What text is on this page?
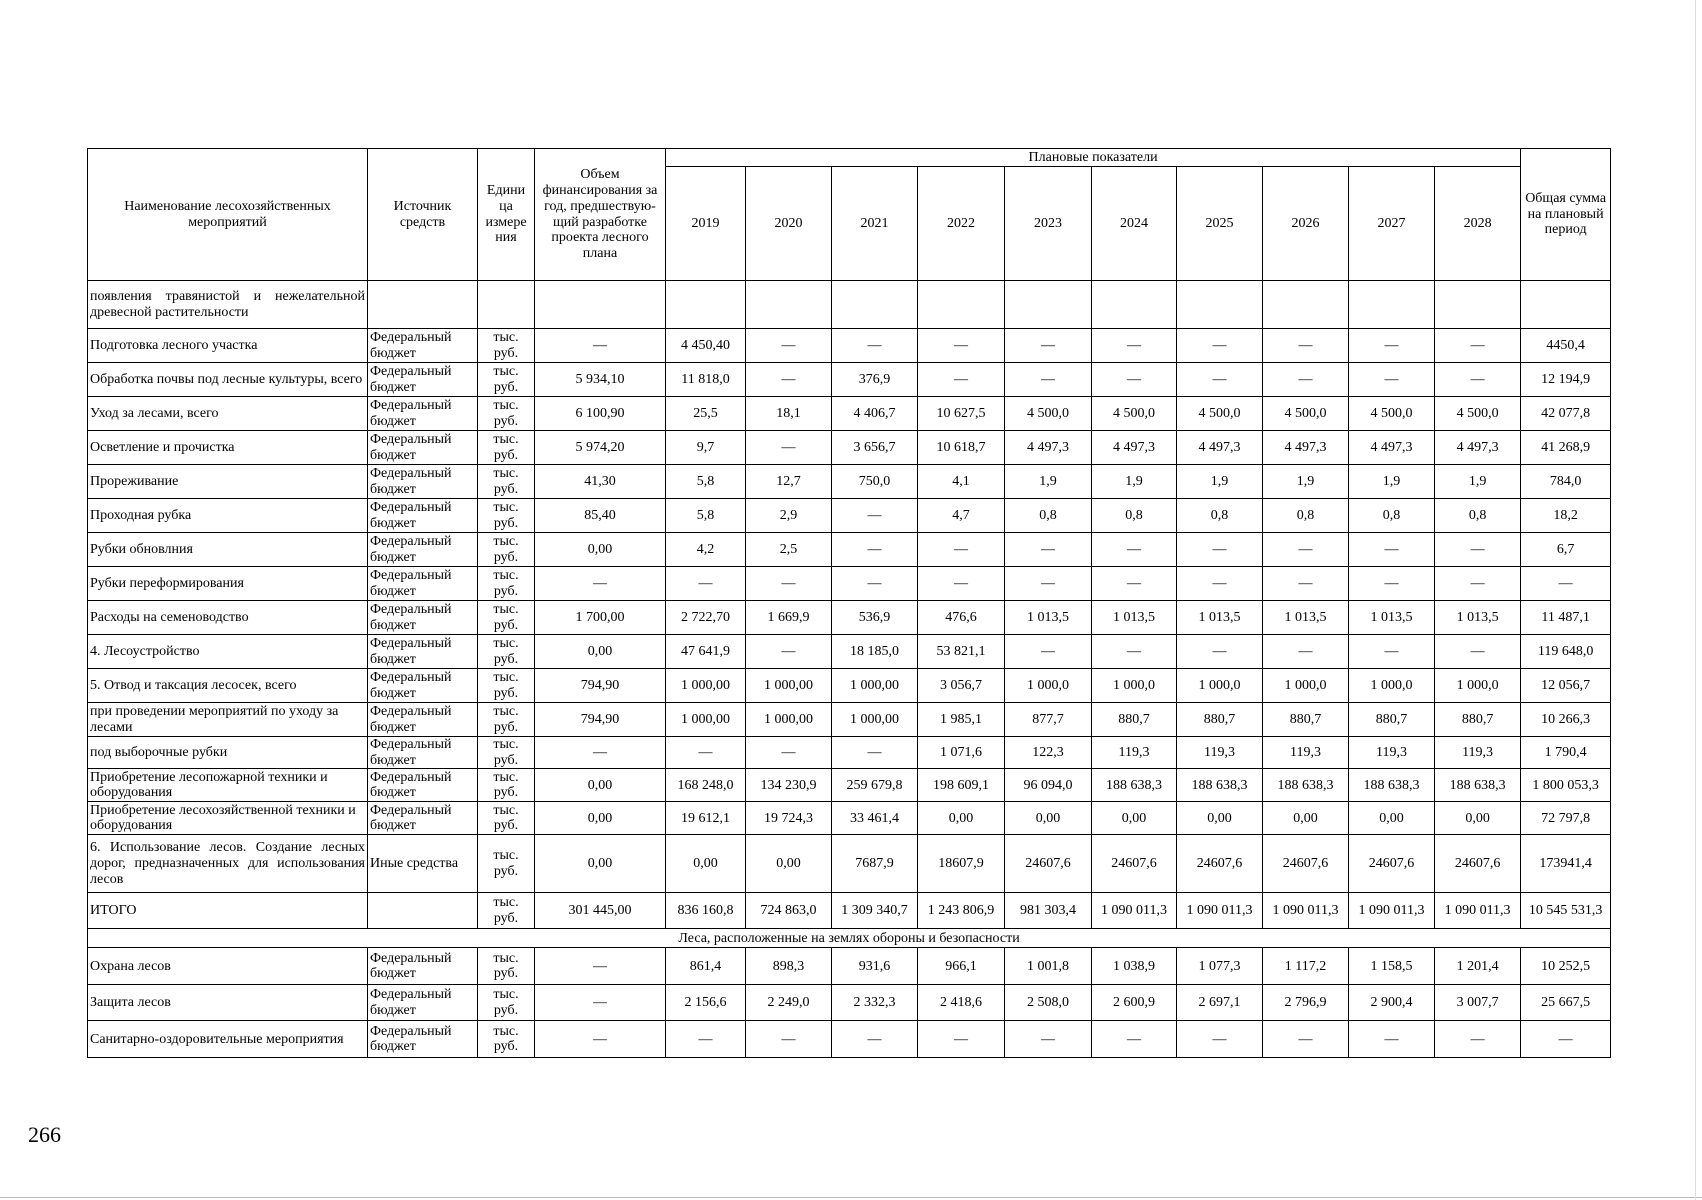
Наименование лесохозяйственных мероприятий	Источник средств	Едини ца измере ния	Объем финансирования за год, предшествую- щий разработке проекта лесного плана	Плановые показатели										Общая сумма на плановый период
				2019	2020	2021	2022	2023	2024	2025	2026	2027	2028	
появления травянистой и нежелательной древесной растительности														
Подготовка лесного участка	Федеральный бюджет	тыс. руб.	—	4 450,40	—	—	—	—	—	—	—	—	—	4450,4
Обработка почвы под лесные культуры, всего	Федеральный бюджет	тыс. руб.	5 934,10	11 818,0	—	376,9	—	—	—	—	—	—	—	12 194,9
Уход за лесами, всего	Федеральный бюджет	тыс. руб.	6 100,90	25,5	18,1	4 406,7	10 627,5	4 500,0	4 500,0	4 500,0	4 500,0	4 500,0	4 500,0	42 077,8
Осветление и прочистка	Федеральный бюджет	тыс. руб.	5 974,20	9,7	—	3 656,7	10 618,7	4 497,3	4 497,3	4 497,3	4 497,3	4 497,3	4 497,3	41 268,9
Прореживание	Федеральный бюджет	тыс. руб.	41,30	5,8	12,7	750,0	4,1	1,9	1,9	1,9	1,9	1,9	1,9	784,0
Проходная рубка	Федеральный бюджет	тыс. руб.	85,40	5,8	2,9	—	4,7	0,8	0,8	0,8	0,8	0,8	0,8	18,2
Рубки обновлния	Федеральный бюджет	тыс. руб.	0,00	4,2	2,5	—	—	—	—	—	—	—	—	6,7
Рубки переформирования	Федеральный бюджет	тыс. руб.	—	—	—	—	—	—	—	—	—	—	—	—
Расходы на семеноводство	Федеральный бюджет	тыс. руб.	1 700,00	2 722,70	1 669,9	536,9	476,6	1 013,5	1 013,5	1 013,5	1 013,5	1 013,5	1 013,5	11 487,1
4. Лесоустройство	Федеральный бюджет	тыс. руб.	0,00	47 641,9	—	18 185,0	53 821,1	—	—	—	—	—	—	119 648,0
5. Отвод и таксация лесосек, всего	Федеральный бюджет	тыс. руб.	794,90	1 000,00	1 000,00	1 000,00	3 056,7	1 000,0	1 000,0	1 000,0	1 000,0	1 000,0	1 000,0	12 056,7
при проведении мероприятий по уходу за лесами	Федеральный бюджет	тыс. руб.	794,90	1 000,00	1 000,00	1 000,00	1 985,1	877,7	880,7	880,7	880,7	880,7	880,7	10 266,3
под выборочные рубки	Федеральный бюджет	тыс. руб.	—	—	—	—	1 071,6	122,3	119,3	119,3	119,3	119,3	119,3	1 790,4
Приобретение лесопожарной техники и оборудования	Федеральный бюджет	тыс. руб.	0,00	168 248,0	134 230,9	259 679,8	198 609,1	96 094,0	188 638,3	188 638,3	188 638,3	188 638,3	188 638,3	1 800 053,3
Приобретение лесохозяйственной техники и оборудования	Федеральный бюджет	тыс. руб.	0,00	19 612,1	19 724,3	33 461,4	0,00	0,00	0,00	0,00	0,00	0,00	0,00	72 797,8
6. Использование лесов. Создание лесных дорог, предназначенных для использования лесов	Иные средства	тыс. руб.	0,00	0,00	0,00	7687,9	18607,9	24607,6	24607,6	24607,6	24607,6	24607,6	24607,6	173941,4
ИТОГО		тыс. руб.	301 445,00	836 160,8	724 863,0	1 309 340,7	1 243 806,9	981 303,4	1 090 011,3	1 090 011,3	1 090 011,3	1 090 011,3	1 090 011,3	10 545 531,3
Леса, расположенные на землях обороны и безопасности														
Охрана лесов	Федеральный бюджет	тыс. руб.	—	861,4	898,3	931,6	966,1	1 001,8	1 038,9	1 077,3	1 117,2	1 158,5	1 201,4	10 252,5
Защита лесов	Федеральный бюджет	тыс. руб.	—	2 156,6	2 249,0	2 332,3	2 418,6	2 508,0	2 600,9	2 697,1	2 796,9	2 900,4	3 007,7	25 667,5
Санитарно-оздоровительные мероприятия	Федеральный бюджет	тыс. руб.	—	—	—	—	—	—	—	—	—	—	—	—
266
